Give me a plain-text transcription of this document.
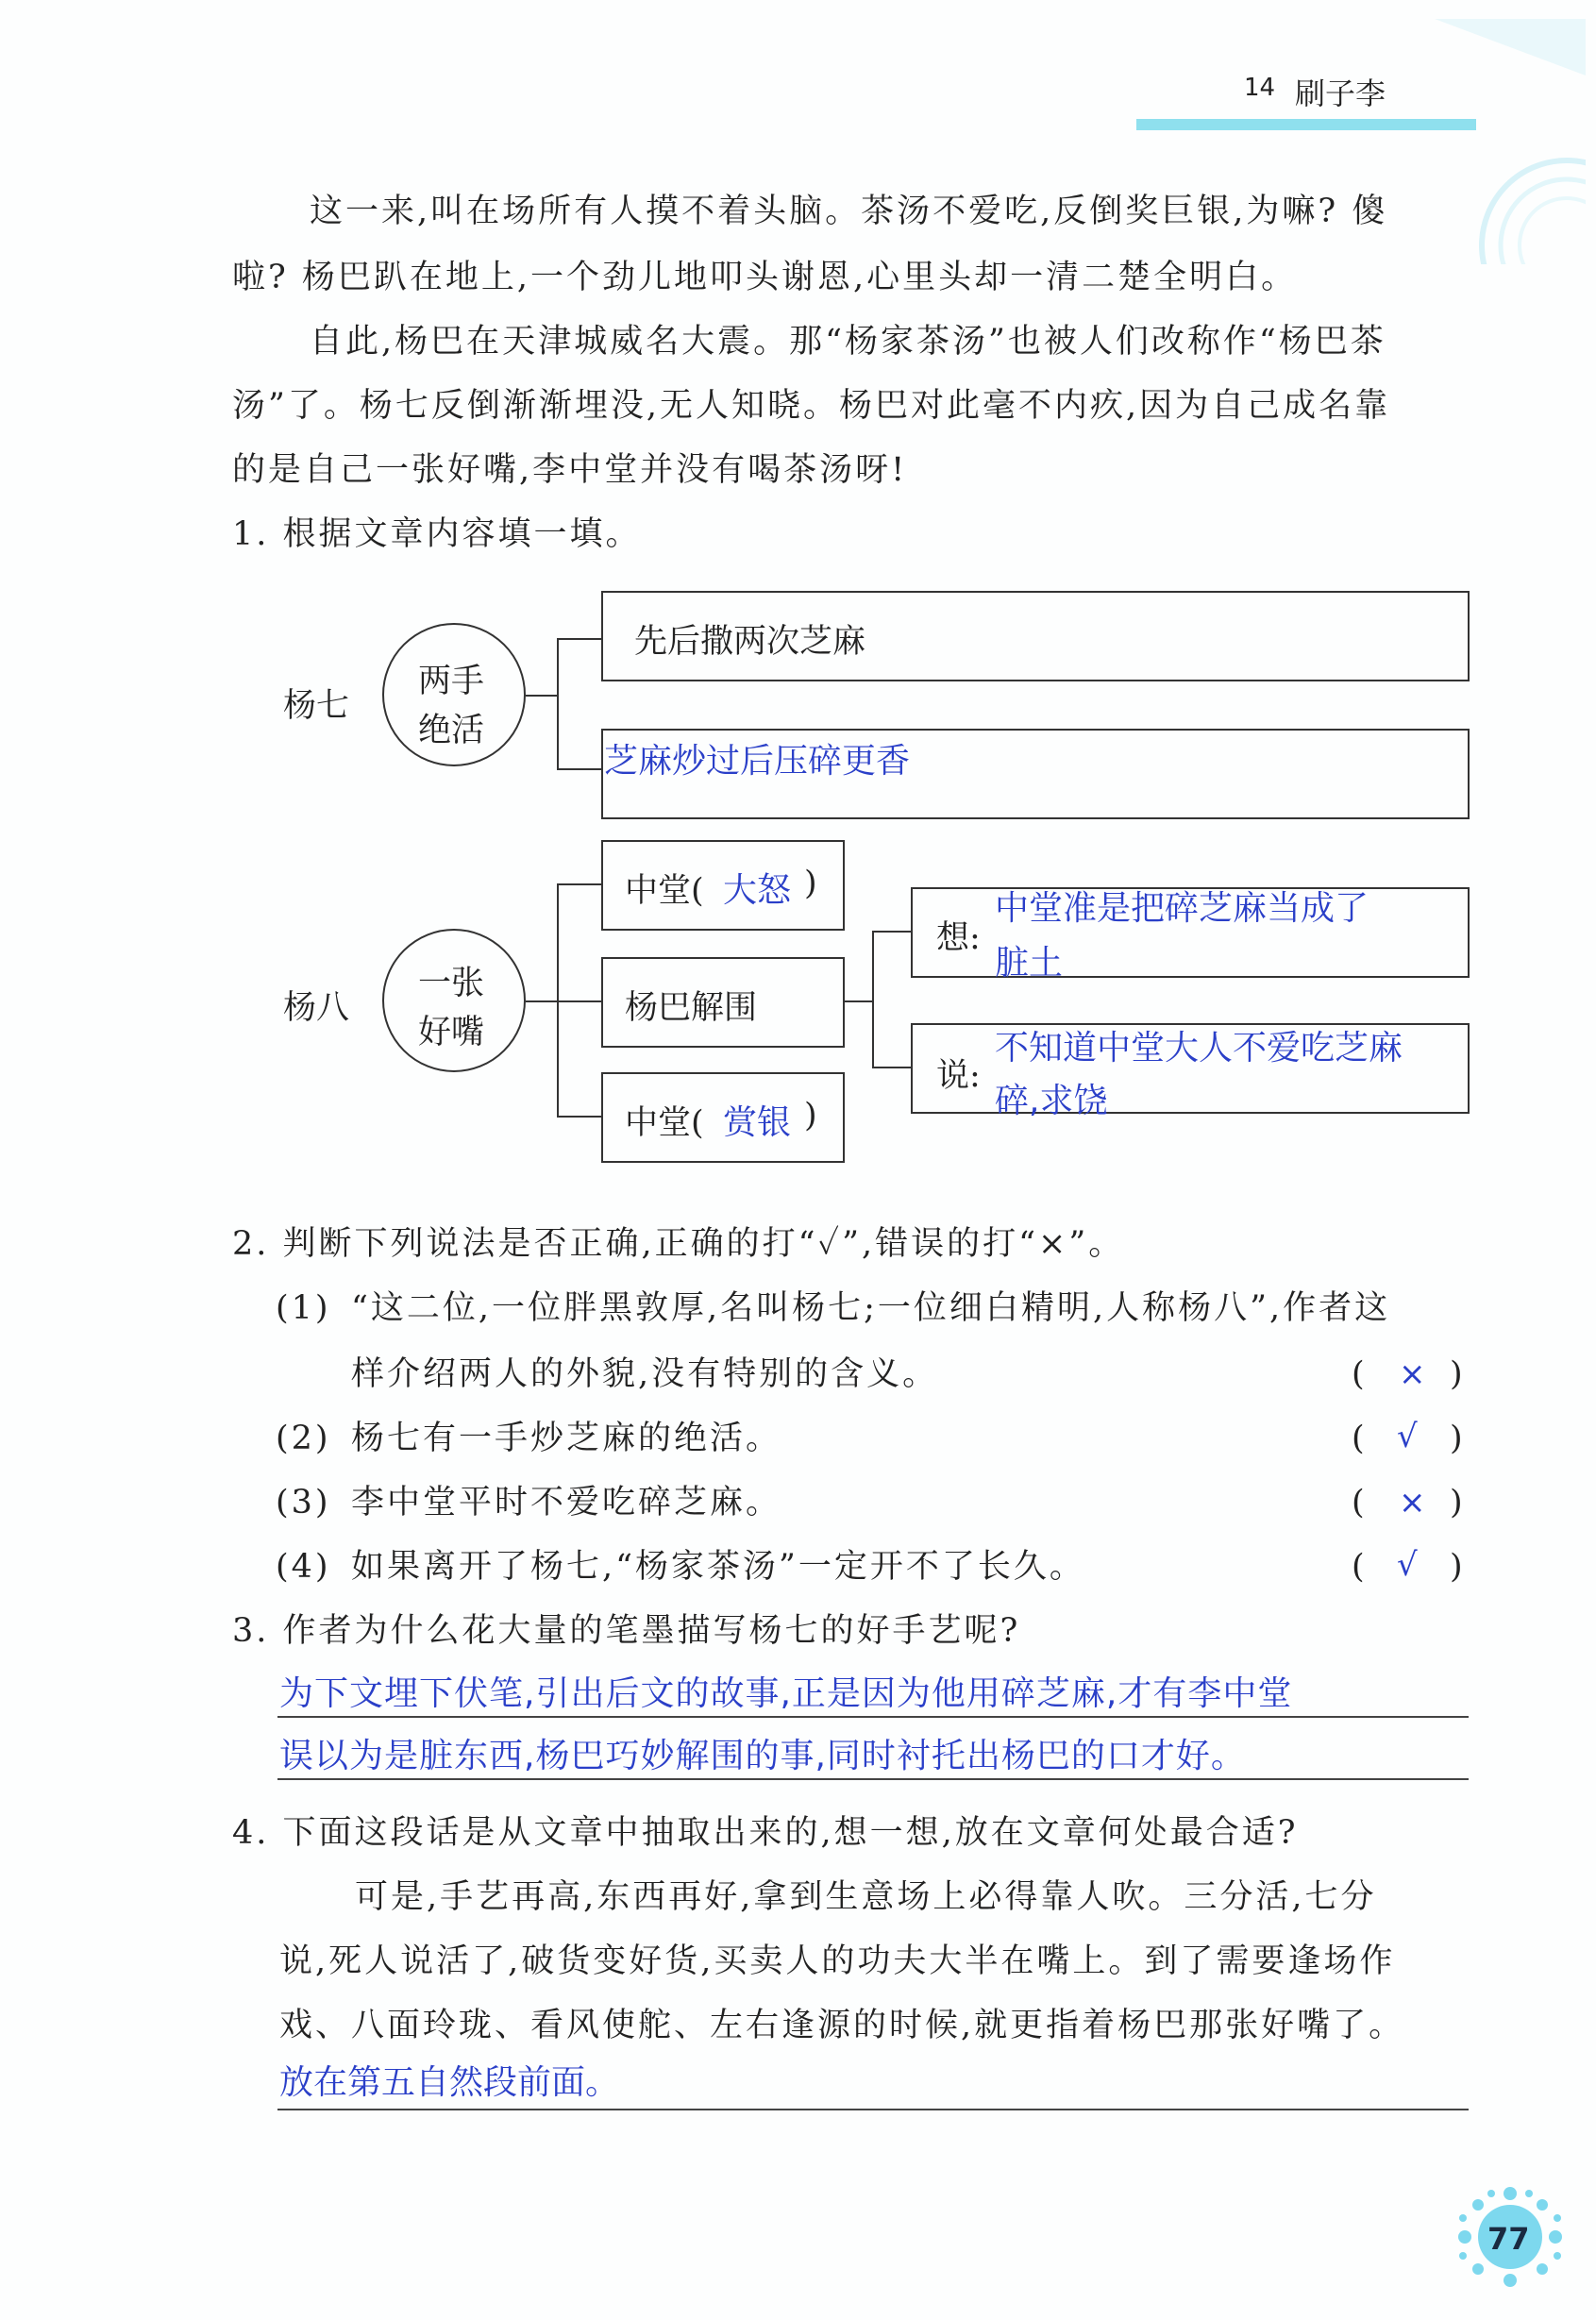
14 刷子李
这一来,叫在场所有人摸不着头脑。茶汤不爱吃,反倒奖巨银,为嘛? 傻
啦? 杨巴趴在地上,一个劲儿地叩头谢恩,心里头却一清二楚全明白。
自此,杨巴在天津城威名大震。那“杨家茶汤”也被人们改称作“杨巴茶
汤”了。杨七反倒渐渐埋没,无人知晓。杨巴对此毫不内疚,因为自己成名靠
的是自己一张好嘴,李中堂并没有喝茶汤呀!
1. 根据文章内容填一填。
杨七
两手
绝活
先后撒两次芝麻
芝麻炒过后压碎更香
杨八
一张
好嘴
中堂( 大怒 )
杨巴解围
中堂( 赏银 )
想:
中堂准是把碎芝麻当成了
脏土
说:
不知道中堂大人不爱吃芝麻
碎,求饶
2. 判断下列说法是否正确,正确的打“✓”,错误的打“×”。
(1) “这二位,一位胖黑敦厚,名叫杨七;一位细白精明,人称杨八”,作者这
样介绍两人的外貌,没有特别的含义。	( × )
(2) 杨七有一手炒芝麻的绝活。	( √ )
(3) 李中堂平时不爱吃碎芝麻。	( × )
(4) 如果离开了杨七,“杨家茶汤”一定开不了长久。	( √ )
3. 作者为什么花大量的笔墨描写杨七的好手艺呢?
为下文埋下伏笔,引出后文的故事,正是因为他用碎芝麻,才有李中堂
误以为是脏东西,杨巴巧妙解围的事,同时衬托出杨巴的口才好。
4. 下面这段话是从文章中抽取出来的,想一想,放在文章何处最合适?
可是,手艺再高,东西再好,拿到生意场上必得靠人吹。三分活,七分
说,死人说活了,破货变好货,买卖人的功夫大半在嘴上。到了需要逢场作
戏、八面玲珑、看风使舵、左右逢源的时候,就更指着杨巴那张好嘴了。
放在第五自然段前面。
77
